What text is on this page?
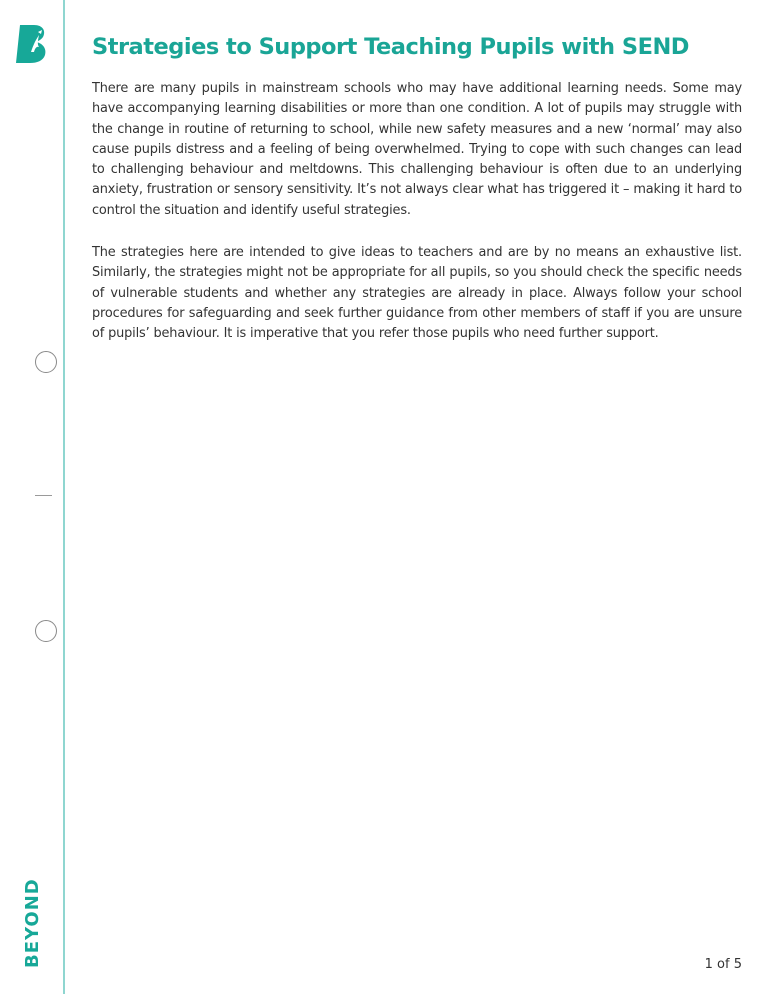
BEYOND
Strategies to Support Teaching Pupils with SEND

There are many pupils in mainstream schools who may have additional learning needs. Some may have accompanying learning disabilities or more than one condition. A lot of pupils may struggle with the change in routine of returning to school, while new safety measures and a new ‘normal’ may also cause pupils distress and a feeling of being overwhelmed. Trying to cope with such changes can lead to challenging behaviour and meltdowns. This challenging behaviour is often due to an underlying anxiety, frustration or sensory sensitivity. It’s not always clear what has triggered it – making it hard to control the situation and identify useful strategies.

The strategies here are intended to give ideas to teachers and are by no means an exhaustive list. Similarly, the strategies might not be appropriate for all pupils, so you should check the specific needs of vulnerable students and whether any strategies are already in place. Always follow your school procedures for safeguarding and seek further guidance from other members of staff if you are unsure of pupils’ behaviour. It is imperative that you refer those pupils who need further support.

1 of 5
